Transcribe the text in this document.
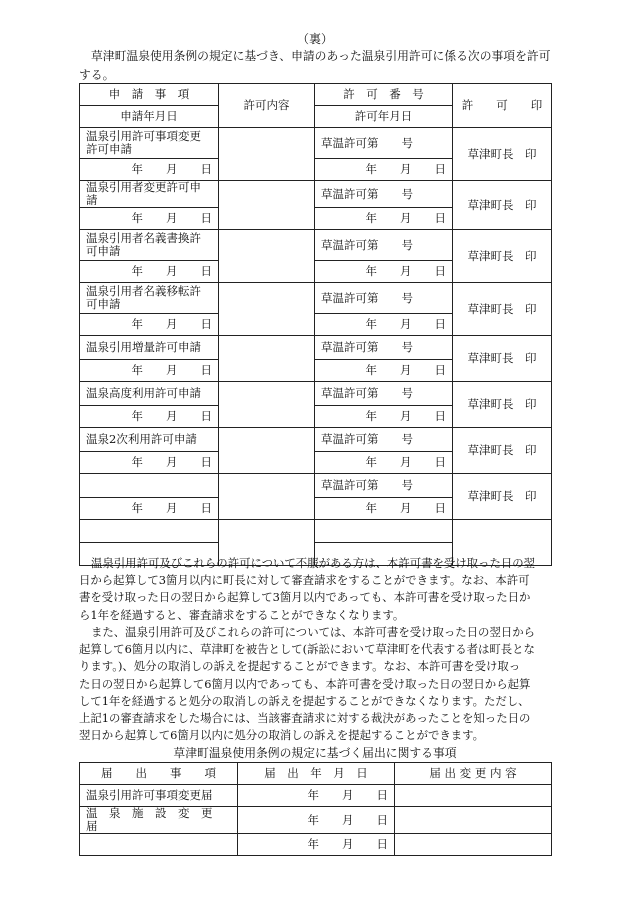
（裏）
草津町温泉使用条例の規定に基づき、申請のあった温泉引用許可に係る次の事項を許可
する。
申　請　事　項	許可内容	許　可　番　号	許　　可　　印
申請年月日		許可年月日	
温泉引用許可事項変更許可申請		草温許可第　　号	草津町長　印
年　　月　　日		年　　月　　日	
温泉引用者変更許可申請		草温許可第　　号	草津町長　印
年　　月　　日		年　　月　　日	
温泉引用者名義書換許可申請		草温許可第　　号	草津町長　印
年　　月　　日		年　　月　　日	
温泉引用者名義移転許可申請		草温許可第　　号	草津町長　印
年　　月　　日		年　　月　　日	
温泉引用増量許可申請		草温許可第　　号	草津町長　印
年　　月　　日		年　　月　　日	
温泉高度利用許可申請		草温許可第　　号	草津町長　印
年　　月　　日		年　　月　　日	
温泉2次利用許可申請		草温許可第　　号	草津町長　印
年　　月　　日		年　　月　　日	
		草温許可第　　号	草津町長　印
年　　月　　日		年　　月　　日	

温泉引用許可及びこれらの許可について不服がある方は、本許可書を受け取った日の翌
日から起算して3箇月以内に町長に対して審査請求をすることができます。なお、本許可
書を受け取った日の翌日から起算して3箇月以内であっても、本許可書を受け取った日か
ら1年を経過すると、審査請求をすることができなくなります。
また、温泉引用許可及びこれらの許可については、本許可書を受け取った日の翌日から
起算して6箇月以内に、草津町を被告として(訴訟において草津町を代表する者は町長とな
ります。)、処分の取消しの訴えを提起することができます。なお、本許可書を受け取っ
た日の翌日から起算して6箇月以内であっても、本許可書を受け取った日の翌日から起算
して1年を経過すると処分の取消しの訴えを提起することができなくなります。ただし、
上記1の審査請求をした場合には、当該審査請求に対する裁決があったことを知った日の
翌日から起算して6箇月以内に処分の取消しの訴えを提起することができます。
草津町温泉使用条例の規定に基づく届出に関する事項
届　　出　　事　　項	届　出　年　月　日	届 出 変 更 内 容
温泉引用許可事項変更届	年　　月　　日	
温　泉　施　設　変　更　届	年　　月　　日	
	年　　月　　日	
